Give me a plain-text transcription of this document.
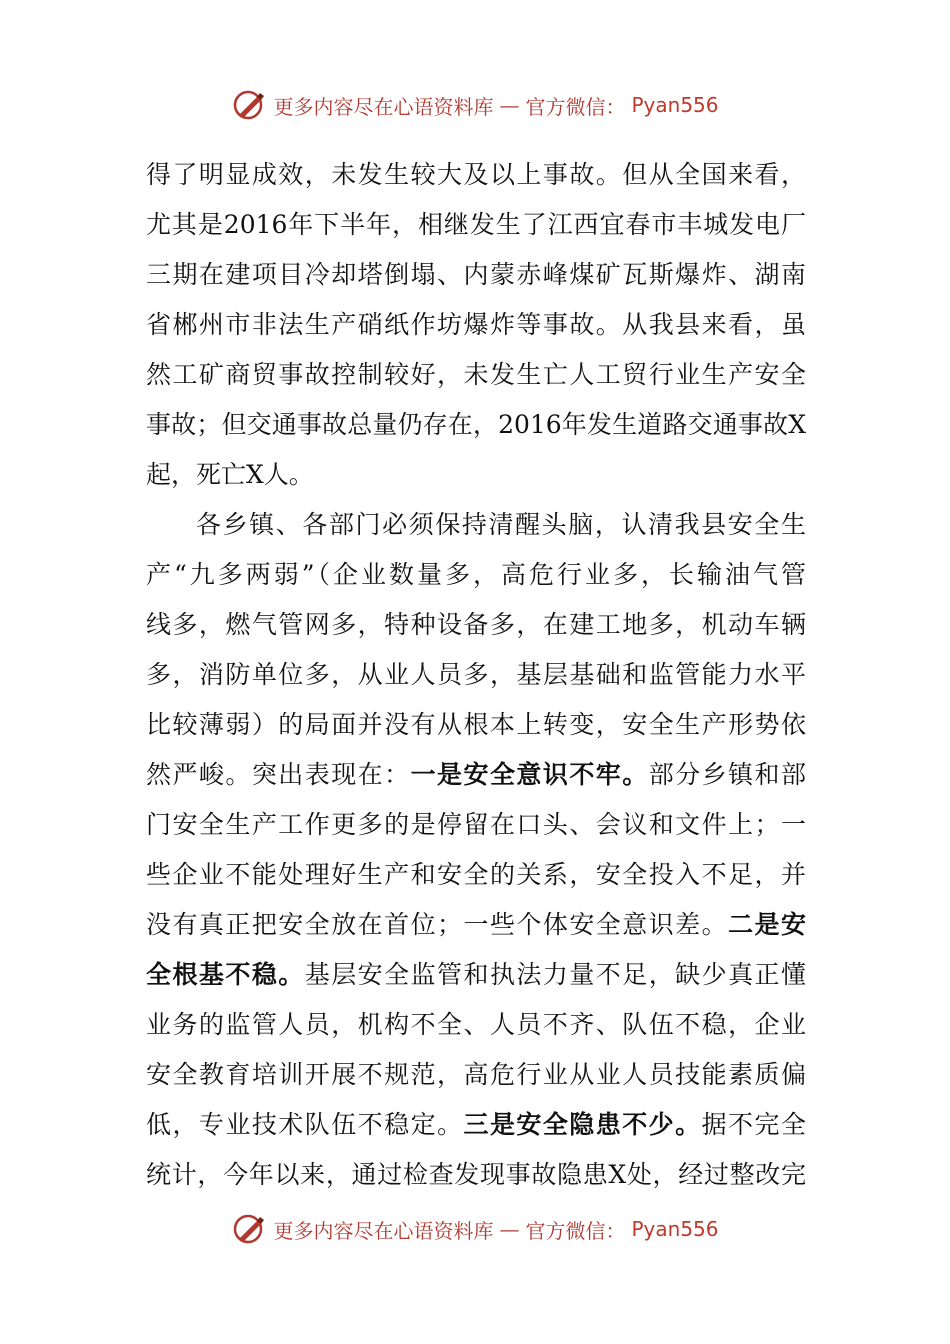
更多内容尽在心语资料库 — 官方微信： Pyan556
得了明显成效，未发生较大及以上事故。但从全国来看，
尤其是2016年下半年，相继发生了江西宜春市丰城发电厂
三期在建项目冷却塔倒塌、内蒙赤峰煤矿瓦斯爆炸、湖南
省郴州市非法生产硝纸作坊爆炸等事故。从我县来看，虽
然工矿商贸事故控制较好，未发生亡人工贸行业生产安全
事故；但交通事故总量仍存在，2016年发生道路交通事故X
起，死亡X人。
各乡镇、各部门必须保持清醒头脑，认清我县安全生
产“九多两弱”（企业数量多，高危行业多，长输油气管
线多，燃气管网多，特种设备多，在建工地多，机动车辆
多，消防单位多，从业人员多，基层基础和监管能力水平
比较薄弱）的局面并没有从根本上转变，安全生产形势依
然严峻。突出表现在：一是安全意识不牢。部分乡镇和部
门安全生产工作更多的是停留在口头、会议和文件上；一
些企业不能处理好生产和安全的关系，安全投入不足，并
没有真正把安全放在首位；一些个体安全意识差。二是安
全根基不稳。基层安全监管和执法力量不足，缺少真正懂
业务的监管人员，机构不全、人员不齐、队伍不稳，企业
安全教育培训开展不规范，高危行业从业人员技能素质偏
低，专业技术队伍不稳定。三是安全隐患不少。据不完全
统计，今年以来，通过检查发现事故隐患X处，经过整改完
更多内容尽在心语资料库 — 官方微信： Pyan556
